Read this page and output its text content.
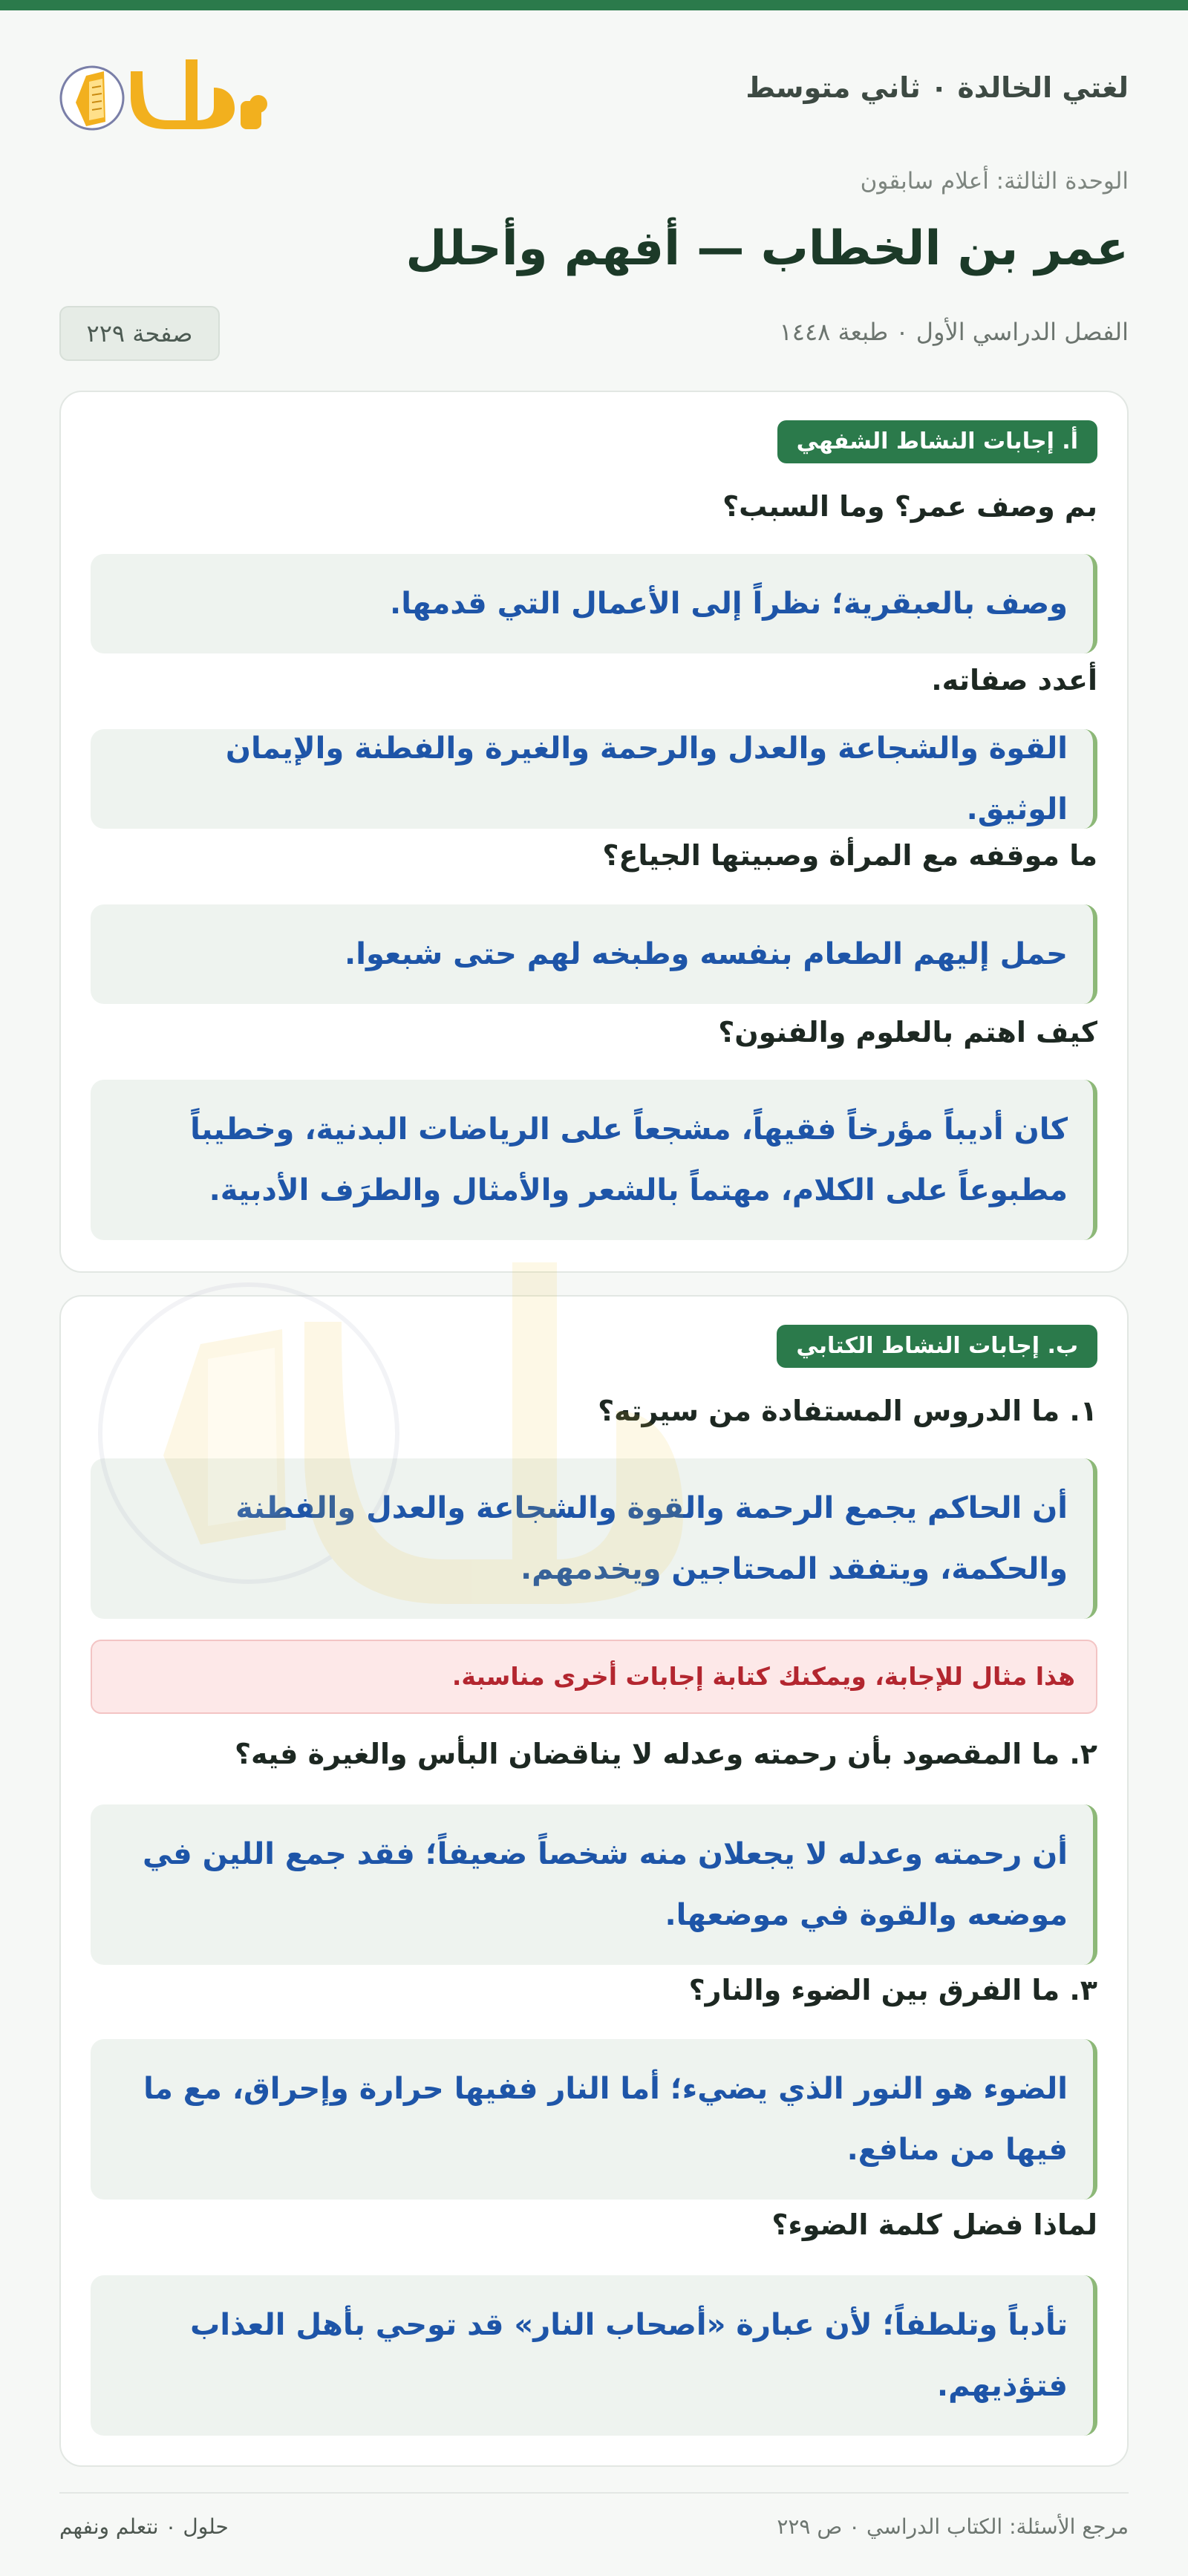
لغتي الخالدة ٠ ثاني متوسط
حلول
الوحدة الثالثة: أعلام سابقون
عمر بن الخطاب — أفهم وأحلل
الفصل الدراسي الأول ٠ طبعة ١٤٤٨
صفحة ٢٢٩
أ. إجابات النشاط الشفهي
بم وصف عمر؟ وما السبب؟
وصف بالعبقرية؛ نظراً إلى الأعمال التي قدمها.
أعدد صفاته.
القوة والشجاعة والعدل والرحمة والغيرة والفطنة والإيمان الوثيق.
ما موقفه مع المرأة وصبيتها الجياع؟
حمل إليهم الطعام بنفسه وطبخه لهم حتى شبعوا.
كيف اهتم بالعلوم والفنون؟
كان أديباً مؤرخاً فقيهاً، مشجعاً على الرياضات البدنية، وخطيباً مطبوعاً على الكلام، مهتماً بالشعر والأمثال والطرَف الأدبية.
ب. إجابات النشاط الكتابي
١. ما الدروس المستفادة من سيرته؟
أن الحاكم يجمع الرحمة والقوة والشجاعة والعدل والفطنة والحكمة، ويتفقد المحتاجين ويخدمهم.
هذا مثال للإجابة، ويمكنك كتابة إجابات أخرى مناسبة.
٢. ما المقصود بأن رحمته وعدله لا يناقضان البأس والغيرة فيه؟
أن رحمته وعدله لا يجعلان منه شخصاً ضعيفاً؛ فقد جمع اللين في موضعه والقوة في موضعها.
٣. ما الفرق بين الضوء والنار؟
الضوء هو النور الذي يضيء؛ أما النار ففيها حرارة وإحراق، مع ما فيها من منافع.
لماذا فضل كلمة الضوء؟
تأدباً وتلطفاً؛ لأن عبارة «أصحاب النار» قد توحي بأهل العذاب فتؤذيهم.
مرجع الأسئلة: الكتاب الدراسي ٠ ص ٢٢٩
حلول ٠ نتعلم ونفهم
